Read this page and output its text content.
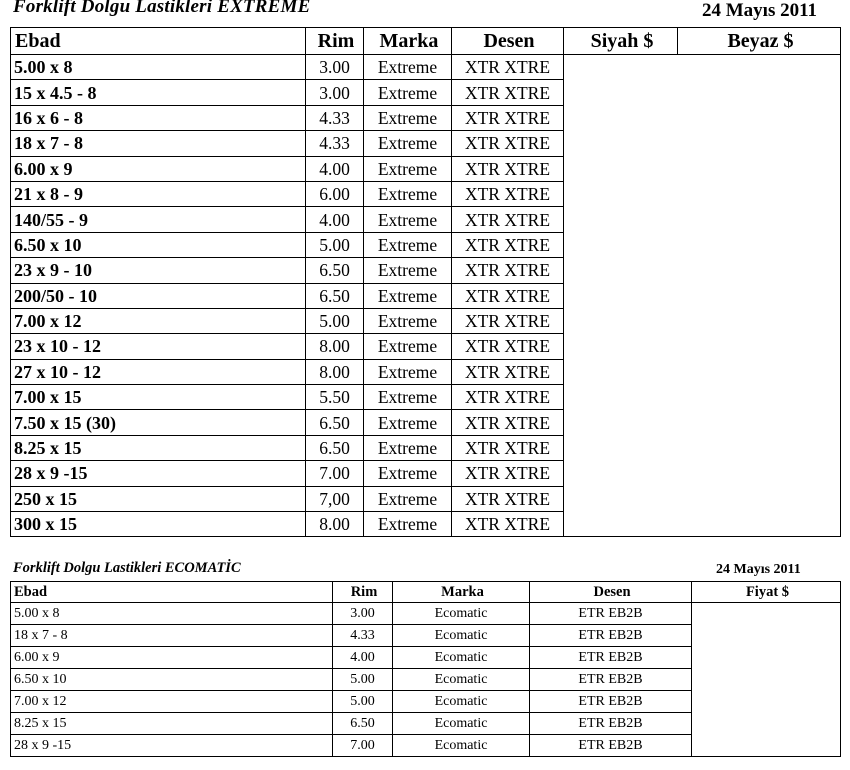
Forklift Dolgu Lastikleri EXTREME	24 Mayıs 2011
Ebad	Rim	Marka	Desen	Siyah $	Beyaz $
5.00 x 8	3.00	Extreme	XTR XTRE		
15 x 4.5 - 8	3.00	Extreme	XTR XTRE		
16 x 6 - 8	4.33	Extreme	XTR XTRE		
18 x 7 - 8	4.33	Extreme	XTR XTRE		
6.00 x 9	4.00	Extreme	XTR XTRE		
21 x 8 - 9	6.00	Extreme	XTR XTRE		
140/55 - 9	4.00	Extreme	XTR XTRE		
6.50 x 10	5.00	Extreme	XTR XTRE		
23 x 9 - 10	6.50	Extreme	XTR XTRE		
200/50 - 10	6.50	Extreme	XTR XTRE		
7.00 x 12	5.00	Extreme	XTR XTRE		
23 x 10 - 12	8.00	Extreme	XTR XTRE		
27 x 10 - 12	8.00	Extreme	XTR XTRE		
7.00 x 15	5.50	Extreme	XTR XTRE		
7.50 x 15 (30)	6.50	Extreme	XTR XTRE		
8.25 x 15	6.50	Extreme	XTR XTRE		
28 x 9 -15	7.00	Extreme	XTR XTRE		
250 x 15	7,00	Extreme	XTR XTRE		
300 x 15	8.00	Extreme	XTR XTRE		
Forklift Dolgu Lastikleri ECOMATİC	24 Mayıs 2011
Ebad	Rim	Marka	Desen	Fiyat $
5.00 x 8	3.00	Ecomatic	ETR EB2B	
18 x 7 - 8	4.33	Ecomatic	ETR EB2B	
6.00 x 9	4.00	Ecomatic	ETR EB2B	
6.50 x 10	5.00	Ecomatic	ETR EB2B	
7.00 x 12	5.00	Ecomatic	ETR EB2B	
8.25 x 15	6.50	Ecomatic	ETR EB2B	
28 x 9 -15	7.00	Ecomatic	ETR EB2B	
